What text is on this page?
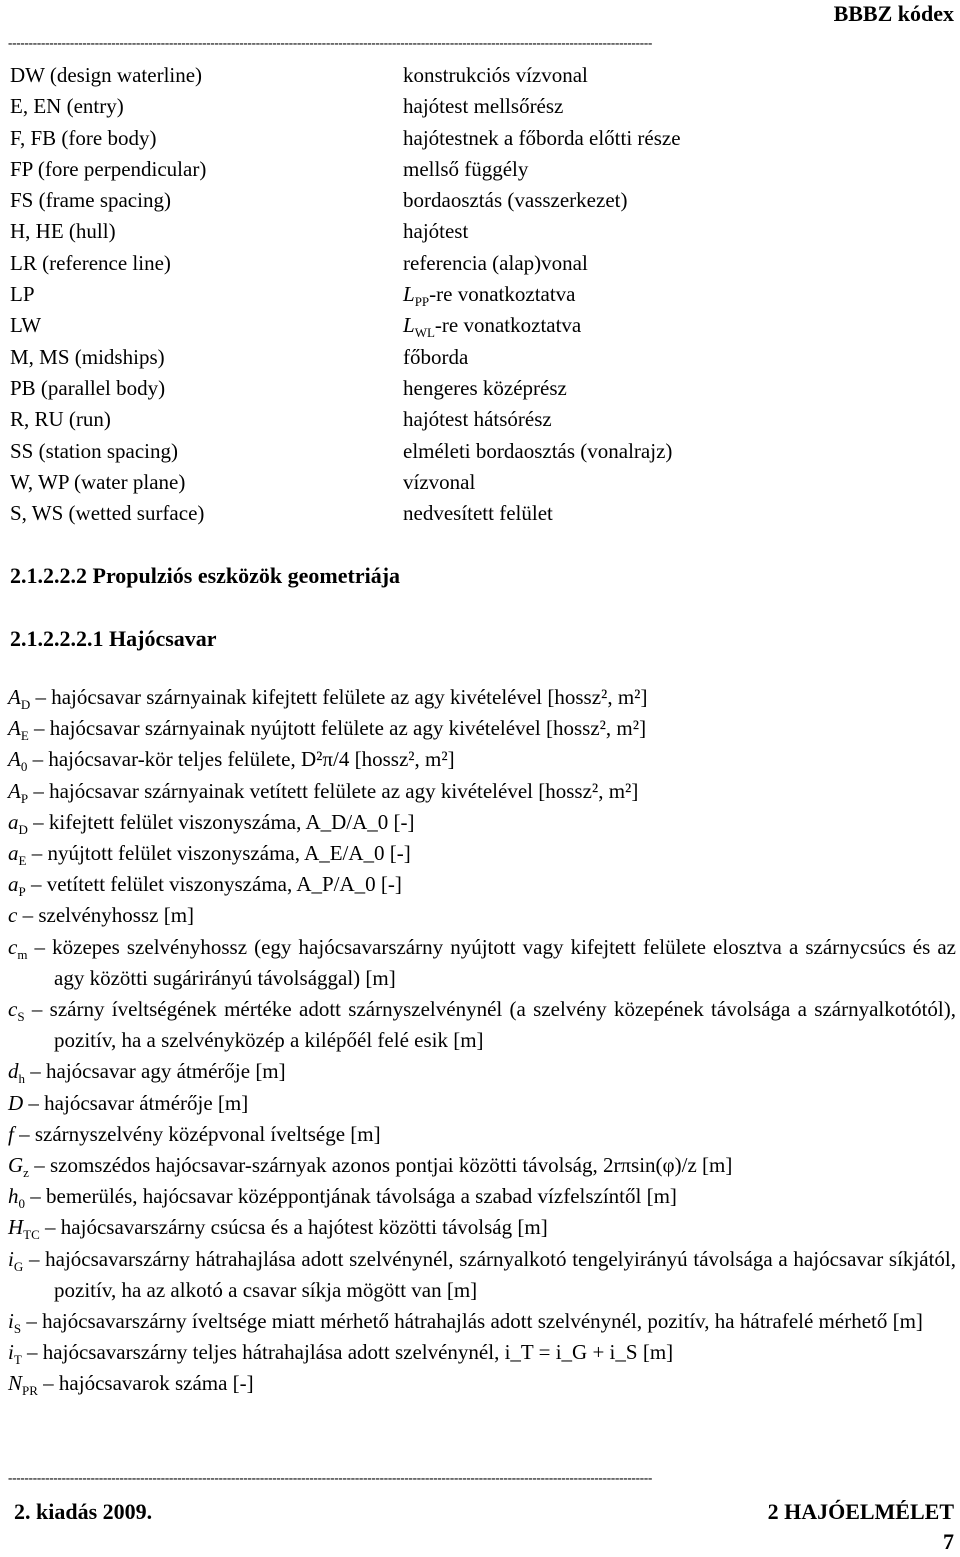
BBBZ kódex
------------------------------------------------------------------------------------------------------------------------------------------------------------
DW (design waterline)	konstrukciós vízvonal
E, EN (entry)	hajótest mellsőrész
F, FB (fore body)	hajótestnek a főborda előtti része
FP (fore perpendicular)	mellső függély
FS (frame spacing)	bordaosztás (vasszerkezet)
H, HE (hull)	hajótest
LR (reference line)	referencia (alap)vonal
LP	$L_{PP}-re$ vonatkoztatva
LW	$L_{WL}-re$ vonatkoztatva
M, MS (midships)	főborda
PB (parallel body)	hengeres középrész
R, RU (run)	hajótest hátsórész
SS (station spacing)	elméleti bordaosztás (vonalrajz)
W, WP (water plane)	vízvonal
S, WS (wetted surface)	nedvesített felület
2.1.2.2.2 Propulziós eszközök geometriája
2.1.2.2.2.1 Hajócsavar
$A_D$ – hajócsavar szárnyainak kifejtett felülete az agy kivételével [hossz², m²]
$A_E$ – hajócsavar szárnyainak nyújtott felülete az agy kivételével [hossz², m²]
$A_0$ – hajócsavar-kör teljes felülete, D²π/4 [hossz², m²]
$A_P$ – hajócsavar szárnyainak vetített felülete az agy kivételével [hossz², m²]
$a_D$ – kifejtett felület viszonyszáma, A_D/A_0 [-]
$a_E$ – nyújtott felület viszonyszáma, A_E/A_0 [-]
$a_P$ – vetített felület viszonyszáma, A_P/A_0 [-]
c – szelvényhossz [m]
$c_m$ – közepes szelvényhossz (egy hajócsavarszárny nyújtott vagy kifejtett felülete elosztva a szárnycsúcs és az agy közötti sugárirányú távolsággal) [m]
$c_S$ – szárny íveltségének mértéke adott szárnyszelvénynél (a szelvény közepének távolsága a szárnyalkotótól), pozitív, ha a szelvényközép a kilépőél felé esik [m]
$d_h$ – hajócsavar agy átmérője [m]
D – hajócsavar átmérője [m]
f – szárnyszelvény középvonal íveltsége [m]
$G_z$ – szomszédos hajócsavar-szárnyak azonos pontjai közötti távolság, 2rπsin(φ)/z [m]
$h_0$ – bemerülés, hajócsavar középpontjának távolsága a szabad vízfelszíntől [m]
$H_{TC}$ – hajócsavarszárny csúcsa és a hajótest közötti távolság [m]
$i_G$ – hajócsavarszárny hátrahajlása adott szelvénynél, szárnyalkotó tengelyirányú távolsága a hajócsavar síkjától, pozitív, ha az alkotó a csavar síkja mögött van [m]
$i_S$ – hajócsavarszárny íveltsége miatt mérhető hátrahajlás adott szelvénynél, pozitív, ha hátrafelé mérhető [m]
$i_T$ – hajócsavarszárny teljes hátrahajlása adott szelvénynél, i_T = i_G + i_S [m]
$N_{PR}$ – hajócsavarok száma [-]
------------------------------------------------------------------------------------------------------------------------------------------------------------
2. kiadás 2009.	2 HAJÓELMÉLET
7
